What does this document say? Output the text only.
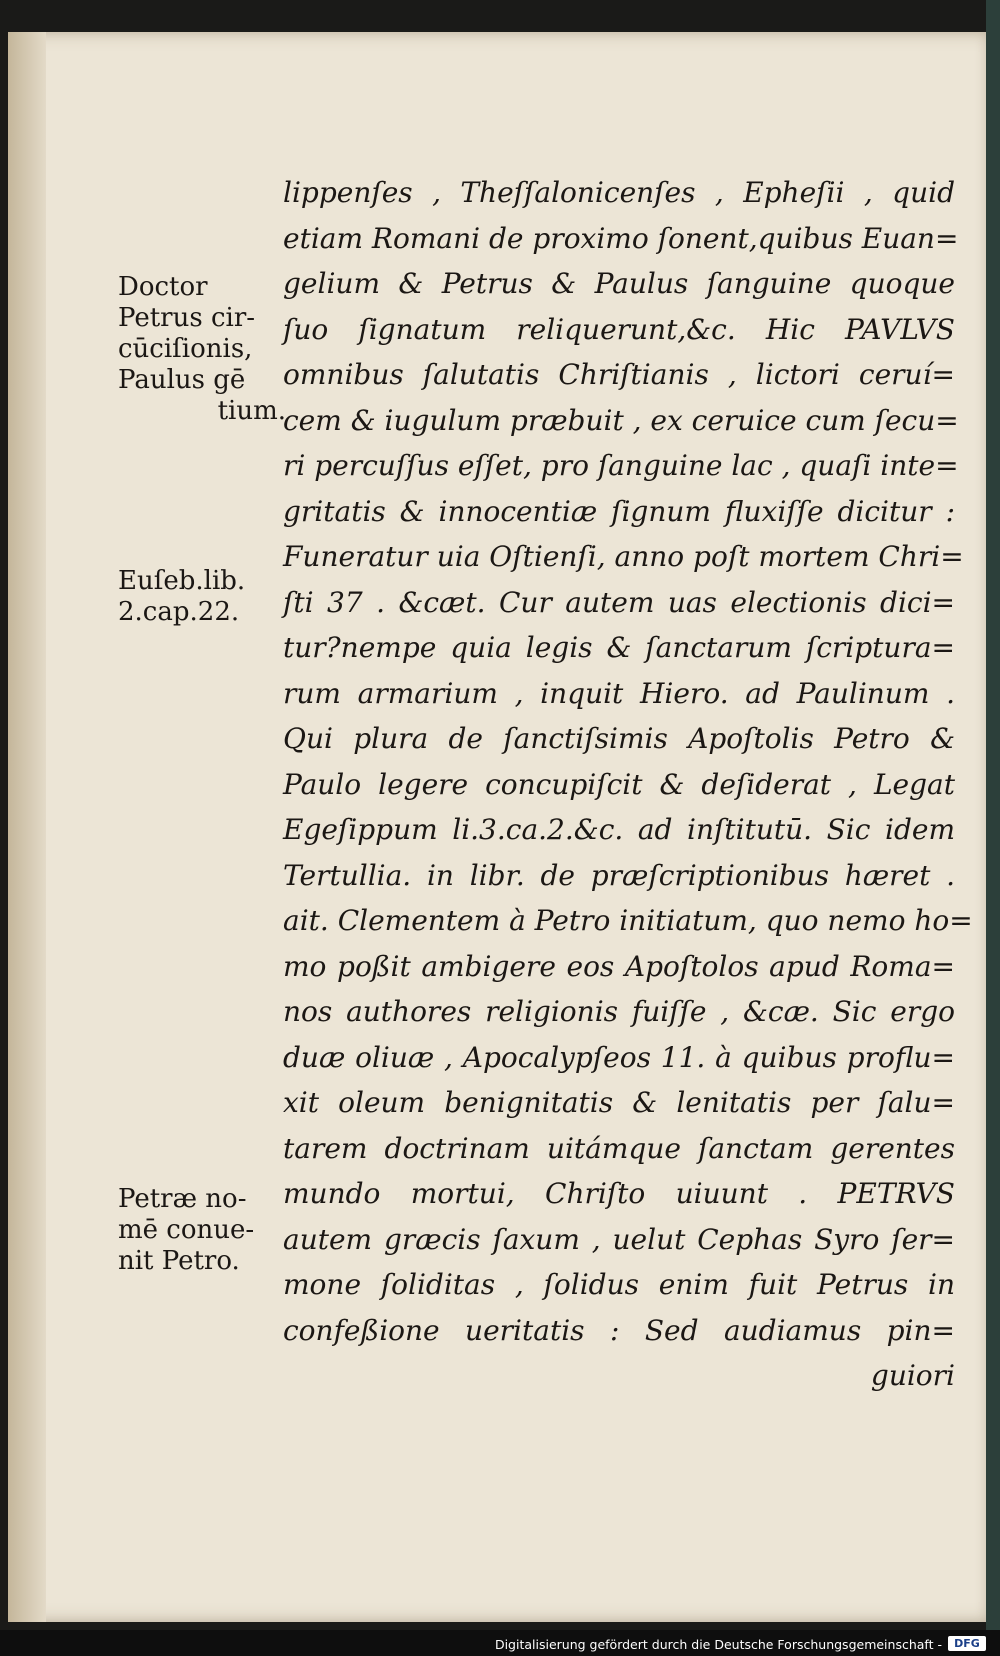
lippenſes , Theſſalonicenſes , Epheſii , quid
etiam Romani de proximo ſonent,quibus Euan=
gelium & Petrus & Paulus ſanguine quoque
ſuo ſignatum reliquerunt,&c. Hic PAVLVS
omnibus ſalutatis Chriſtianis , lictori ceruí=
cem & iugulum præbuit , ex ceruice cum ſecu=
ri percuſſus eſſet, pro ſanguine lac , quaſi inte=
gritatis & innocentiæ ſignum fluxiſſe dicitur :
Funeratur uia Oſtienſi, anno poſt mortem Chri=
ſti 37 . &cæt. Cur autem uas electionis dici=
tur?nempe quia legis & ſanctarum ſcriptura=
rum armarium , inquit Hiero. ad Paulinum .
Qui plura de ſanctiſsimis Apoſtolis Petro &
Paulo legere concupiſcit & deſiderat , Legat
Egeſippum li.3.ca.2.&c. ad inſtitutū. Sic idem
Tertullia. in libr. de præſcriptionibus hæret .
ait. Clementem à Petro initiatum, quo nemo ho=
mo poßit ambigere eos Apoſtolos apud Roma=
nos authores religionis fuiſſe , &cæ. Sic ergo
duæ oliuæ , Apocalypſeos 11. à quibus proflu=
xit oleum benignitatis & lenitatis per ſalu=
tarem doctrinam uitámque ſanctam gerentes
mundo mortui, Chriſto uiuunt . PETRVS
autem græcis ſaxum , uelut Cephas Syro ſer=
mone ſoliditas , ſolidus enim fuit Petrus in
confeßione ueritatis : Sed audiamus pin=
guiori
Doctor
Petrus cir-
cūciſionis,
Paulus gē
tium.
Euſeb.lib.
2.cap.22.
Petræ no-
mē conue-
nit Petro.
Digitalisierung gefördert durch die Deutsche Forschungsgemeinschaft -	DFG
